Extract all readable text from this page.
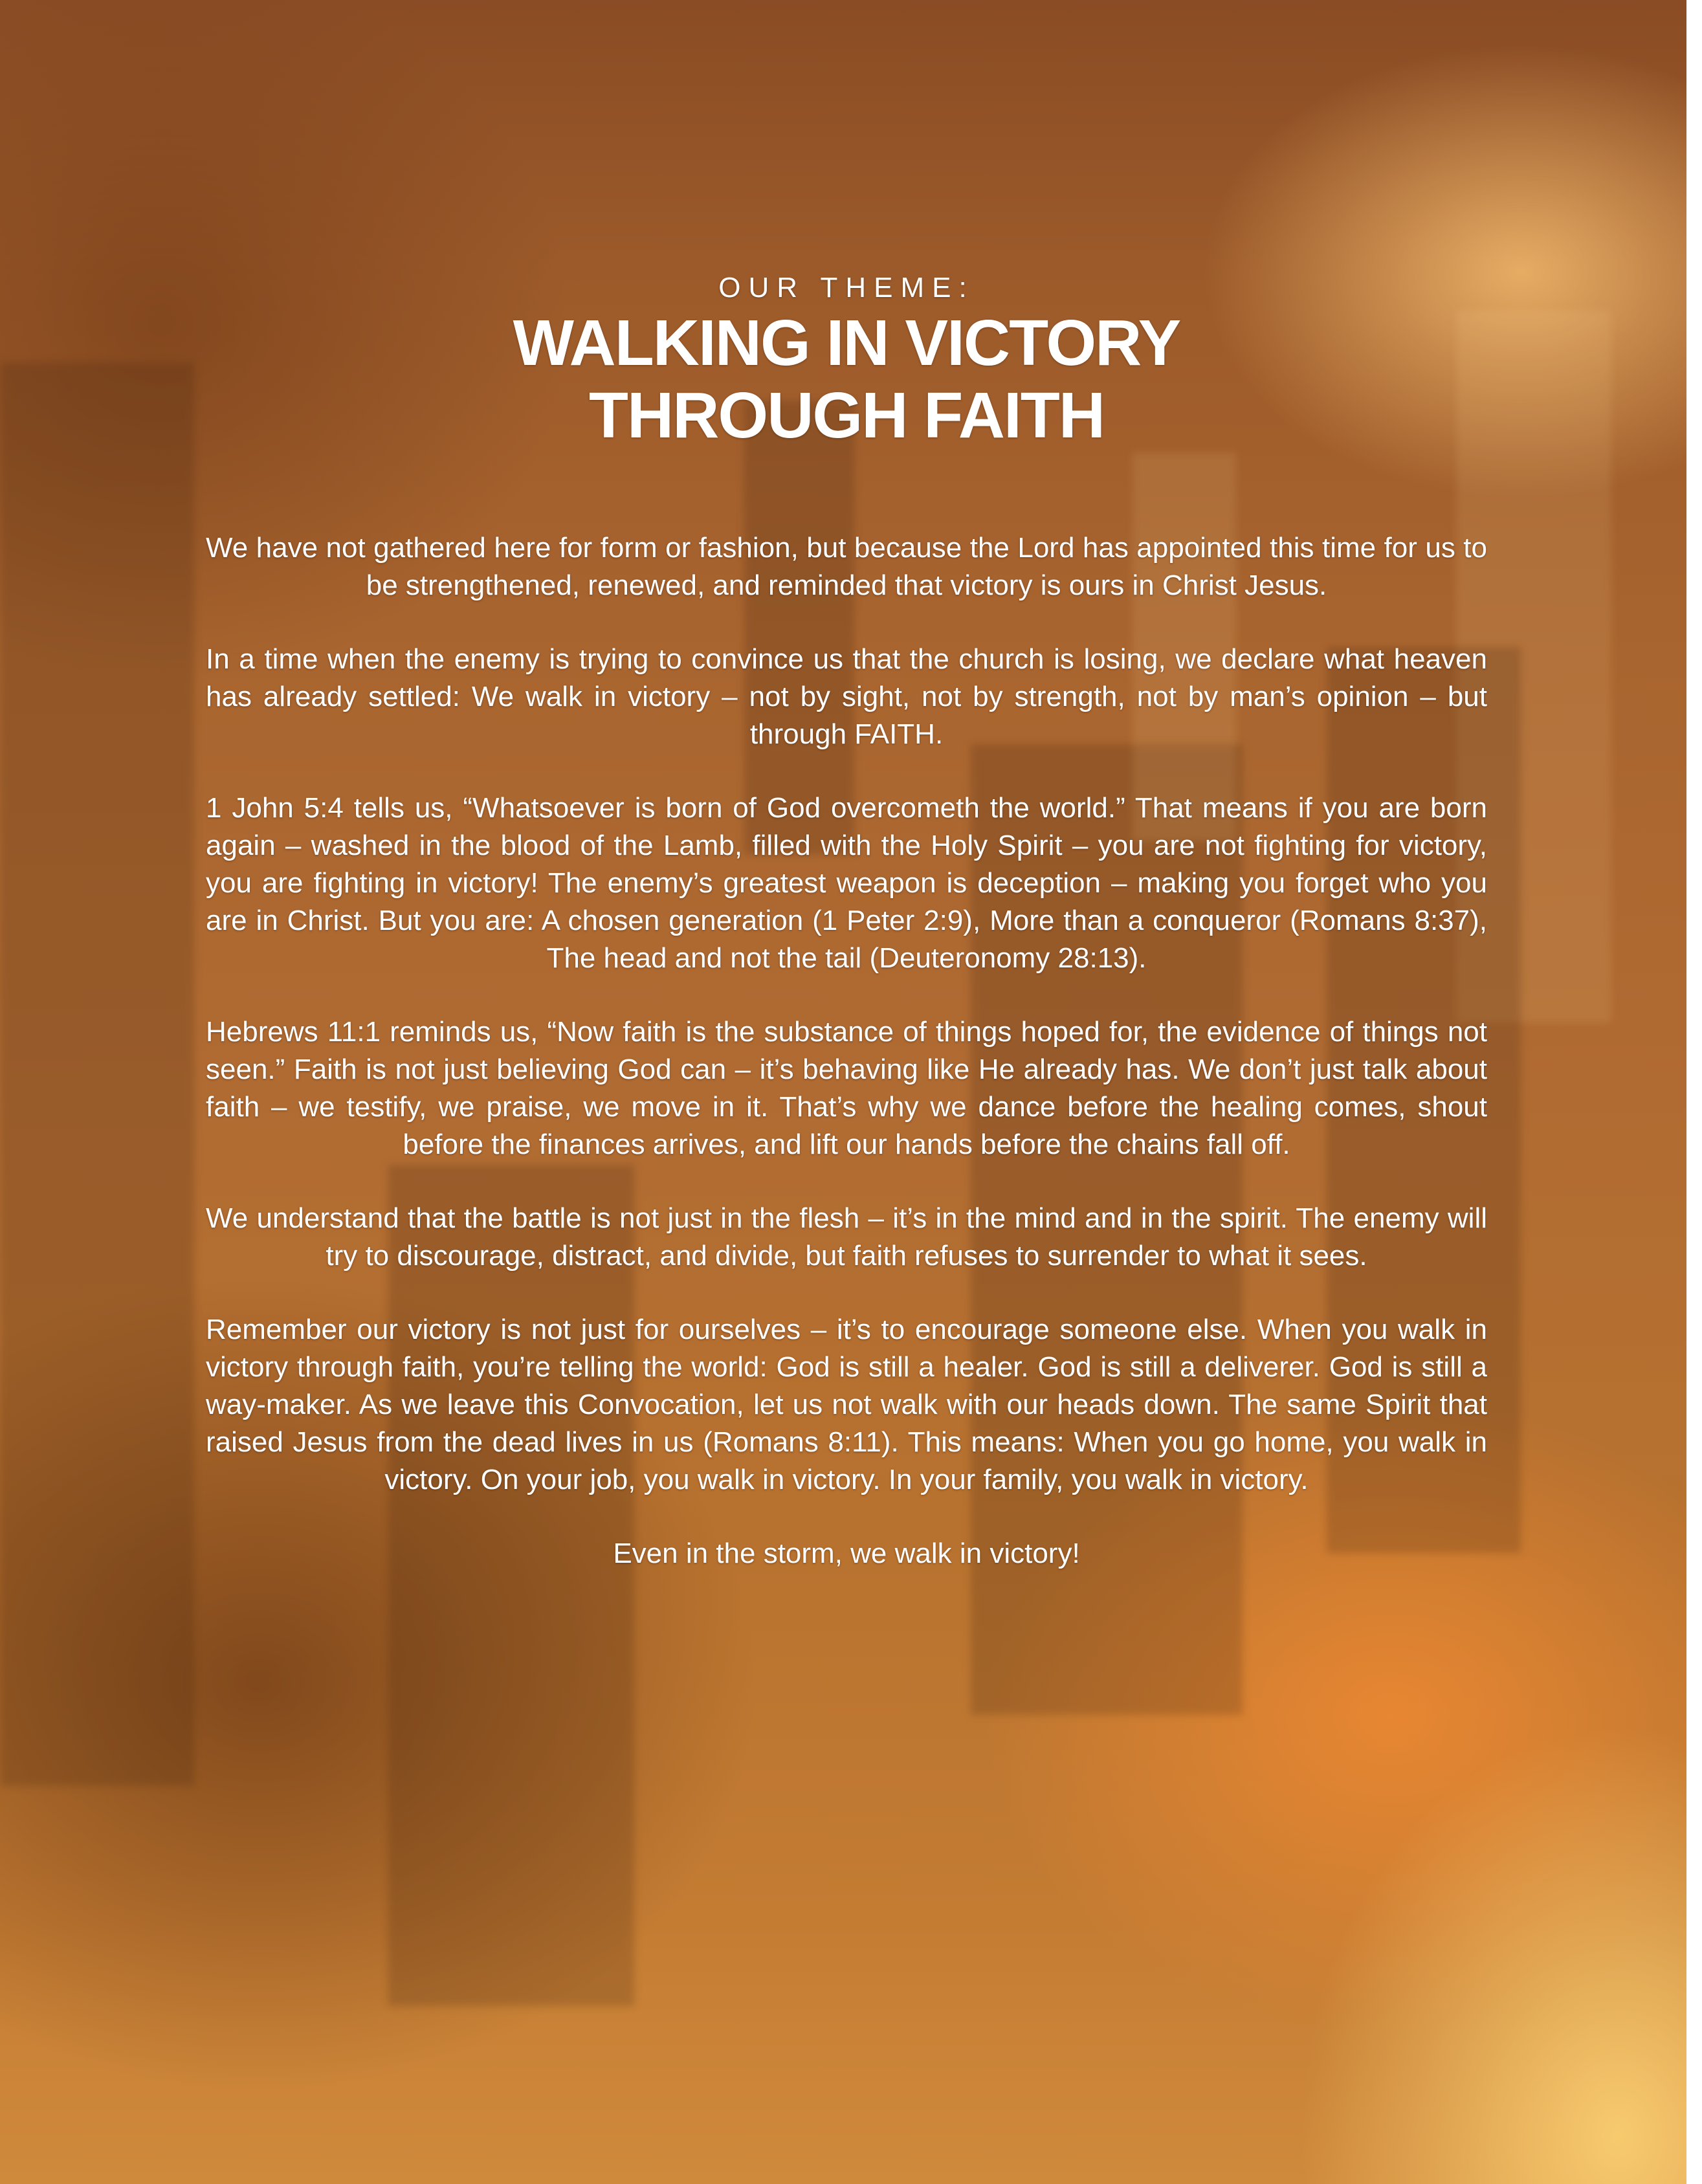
OUR THEME:
WALKING IN VICTORY
THROUGH FAITH

We have not gathered here for form or fashion, but because the Lord has appointed this time for us to be strengthened, renewed, and reminded that victory is ours in Christ Jesus.

In a time when the enemy is trying to convince us that the church is losing, we declare what heaven has already settled: We walk in victory – not by sight, not by strength, not by man’s opinion – but through FAITH.

1 John 5:4 tells us, “Whatsoever is born of God overcometh the world.” That means if you are born again – washed in the blood of the Lamb, filled with the Holy Spirit – you are not fighting for victory, you are fighting in victory! The enemy’s greatest weapon is deception – making you forget who you are in Christ. But you are: A chosen generation (1 Peter 2:9), More than a conqueror (Romans 8:37), The head and not the tail (Deuteronomy 28:13).

Hebrews 11:1 reminds us, “Now faith is the substance of things hoped for, the evidence of things not seen.” Faith is not just believing God can – it’s behaving like He already has. We don’t just talk about faith – we testify, we praise, we move in it. That’s why we dance before the healing comes, shout before the finances arrives, and lift our hands before the chains fall off.

We understand that the battle is not just in the flesh – it’s in the mind and in the spirit. The enemy will try to discourage, distract, and divide, but faith refuses to surrender to what it sees.

Remember our victory is not just for ourselves – it’s to encourage someone else. When you walk in victory through faith, you’re telling the world: God is still a healer. God is still a deliverer. God is still a way-maker. As we leave this Convocation, let us not walk with our heads down. The same Spirit that raised Jesus from the dead lives in us (Romans 8:11). This means: When you go home, you walk in victory. On your job, you walk in victory. In your family, you walk in victory.

Even in the storm, we walk in victory!
